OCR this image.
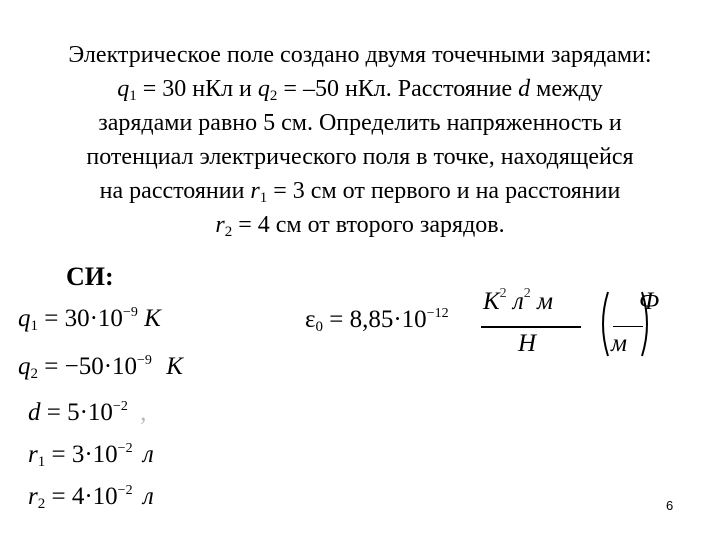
Электрическое поле создано двумя точечными зарядами:
$q_1 = 30$ нКл и $q_2 = -50$ нКл. Расстояние d между
зарядами равно 5 см. Определить напряженность и
потенциал электрического поля в точке, находящейся
на расстоянии $r_1 = 3$ см от первого и на расстоянии
$r_2 = 4$ см от второго зарядов.
СИ:
$q_1 = 30\cdot 10^{-9}$ К
$q_2 = -50\cdot 10^{-9}$ К
$d = 5\cdot 10^{-2}$ ,
$r_1 = 3\cdot 10^{-2}$ л
$r_2 = 4\cdot 10^{-2}$ л
$\varepsilon_0 = 8,85\cdot 10^{-12}$ $К^2$ $л^2$ м
Н
Ф
м
6
